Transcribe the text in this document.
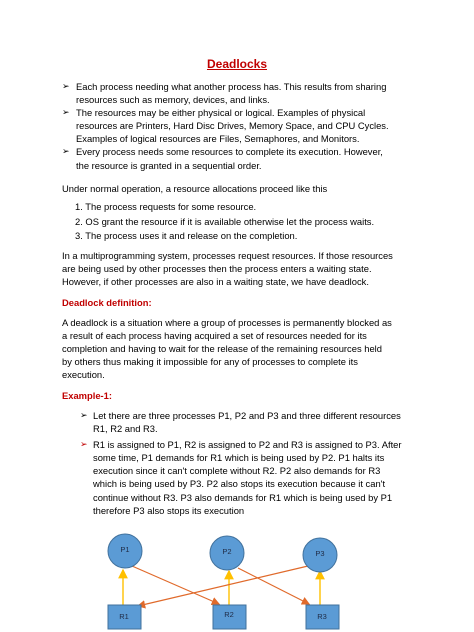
Deadlocks
➢ Each process needing what another process has. This results from sharing
resources such as memory, devices, and links.
➢ The resources may be either physical or logical. Examples of physical
resources are Printers, Hard Disc Drives, Memory Space, and CPU Cycles.
Examples of logical resources are Files, Semaphores, and Monitors.
➢ Every process needs some resources to complete its execution. However,
the resource is granted in a sequential order.
Under normal operation, a resource allocations proceed like this
1. The process requests for some resource.
2. OS grant the resource if it is available otherwise let the process waits.
3. The process uses it and release on the completion.
In a multiprogramming system, processes request resources. If those resources
are being used by other processes then the process enters a waiting state.
However, if other processes are also in a waiting state, we have deadlock.
Deadlock definition:
A deadlock is a situation where a group of processes is permanently blocked as
a result of each process having acquired a set of resources needed for its
completion and having to wait for the release of the remaining resources held
by others thus making it impossible for any of processes to complete its
execution.
Example-1:
➢ Let there are three processes P1, P2 and P3 and three different resources
R1, R2 and R3.
➢ R1 is assigned to P1, R2 is assigned to P2 and R3 is assigned to P3. After
some time, P1 demands for R1 which is being used by P2. P1 halts its
execution since it can't complete without R2. P2 also demands for R3
which is being used by P3. P2 also stops its execution because it can't
continue without R3. P3 also demands for R1 which is being used by P1
therefore P3 also stops its execution
P1	P2	P3
R1	R2	R3
